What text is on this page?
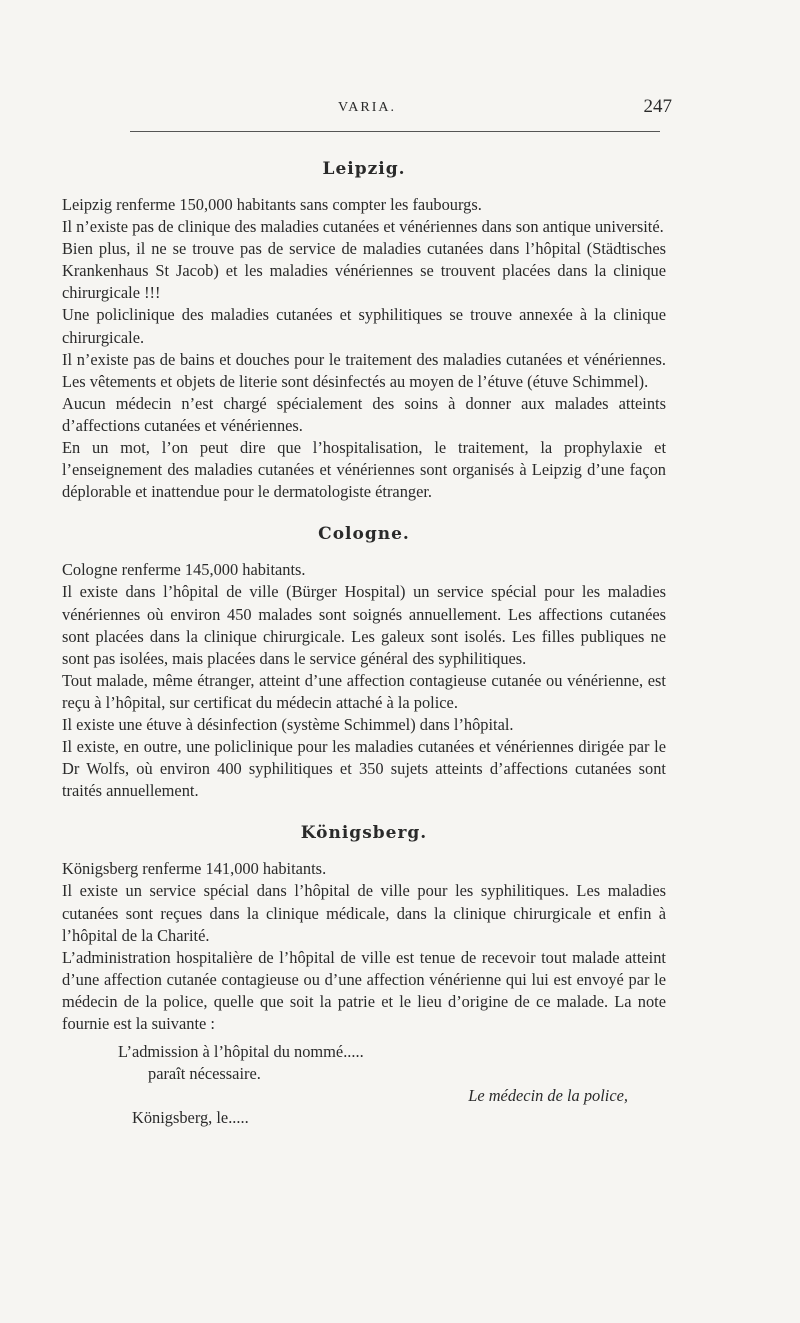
VARIA.	247
Leipzig.

Leipzig renferme 150,000 habitants sans compter les faubourgs.

Il n’existe pas de clinique des maladies cutanées et vénériennes dans son antique université.

Bien plus, il ne se trouve pas de service de maladies cutanées dans l’hôpital (Städtisches Krankenhaus St Jacob) et les maladies vénériennes se trouvent placées dans la clinique chirurgicale !!!

Une policlinique des maladies cutanées et syphilitiques se trouve annexée à la clinique chirurgicale.

Il n’existe pas de bains et douches pour le traitement des maladies cutanées et vénériennes. Les vêtements et objets de literie sont désinfectés au moyen de l’étuve (étuve Schimmel).

Aucun médecin n’est chargé spécialement des soins à donner aux malades atteints d’affections cutanées et vénériennes.

En un mot, l’on peut dire que l’hospitalisation, le traitement, la prophylaxie et l’enseignement des maladies cutanées et vénériennes sont organisés à Leipzig d’une façon déplorable et inattendue pour le dermatologiste étranger.

Cologne.

Cologne renferme 145,000 habitants.

Il existe dans l’hôpital de ville (Bürger Hospital) un service spécial pour les maladies vénériennes où environ 450 malades sont soignés annuellement. Les affections cutanées sont placées dans la clinique chirurgicale. Les galeux sont isolés. Les filles publiques ne sont pas isolées, mais placées dans le service général des syphilitiques.

Tout malade, même étranger, atteint d’une affection contagieuse cutanée ou vénérienne, est reçu à l’hôpital, sur certificat du médecin attaché à la police.

Il existe une étuve à désinfection (système Schimmel) dans l’hôpital.

Il existe, en outre, une policlinique pour les maladies cutanées et vénériennes dirigée par le Dr Wolfs, où environ 400 syphilitiques et 350 sujets atteints d’affections cutanées sont traités annuellement.

Königsberg.

Königsberg renferme 141,000 habitants.

Il existe un service spécial dans l’hôpital de ville pour les syphilitiques. Les maladies cutanées sont reçues dans la clinique médicale, dans la clinique chirurgicale et enfin à l’hôpital de la Charité.

L’administration hospitalière de l’hôpital de ville est tenue de recevoir tout malade atteint d’une affection cutanée contagieuse ou d’une affection vénérienne qui lui est envoyé par le médecin de la police, quelle que soit la patrie et le lieu d’origine de ce malade. La note fournie est la suivante :

L’admission à l’hôpital du nommé.....
paraît nécessaire.
Le médecin de la police,
Königsberg, le.....
